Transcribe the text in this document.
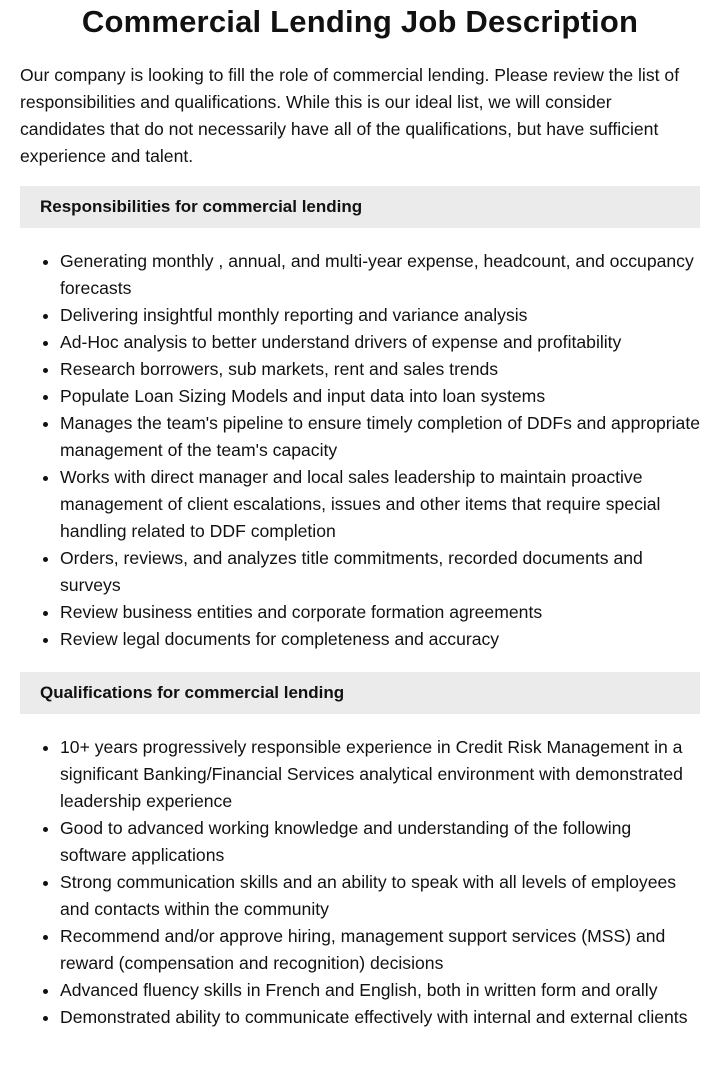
Commercial Lending Job Description

Our company is looking to fill the role of commercial lending. Please review the list of responsibilities and qualifications. While this is our ideal list, we will consider candidates that do not necessarily have all of the qualifications, but have sufficient experience and talent.

Responsibilities for commercial lending
• Generating monthly , annual, and multi-year expense, headcount, and occupancy forecasts
• Delivering insightful monthly reporting and variance analysis
• Ad-Hoc analysis to better understand drivers of expense and profitability
• Research borrowers, sub markets, rent and sales trends
• Populate Loan Sizing Models and input data into loan systems
• Manages the team's pipeline to ensure timely completion of DDFs and appropriate management of the team's capacity
• Works with direct manager and local sales leadership to maintain proactive management of client escalations, issues and other items that require special handling related to DDF completion
• Orders, reviews, and analyzes title commitments, recorded documents and surveys
• Review business entities and corporate formation agreements
• Review legal documents for completeness and accuracy
Qualifications for commercial lending
• 10+ years progressively responsible experience in Credit Risk Management in a significant Banking/Financial Services analytical environment with demonstrated leadership experience
• Good to advanced working knowledge and understanding of the following software applications
• Strong communication skills and an ability to speak with all levels of employees and contacts within the community
• Recommend and/or approve hiring, management support services (MSS) and reward (compensation and recognition) decisions
• Advanced fluency skills in French and English, both in written form and orally
• Demonstrated ability to communicate effectively with internal and external clients
